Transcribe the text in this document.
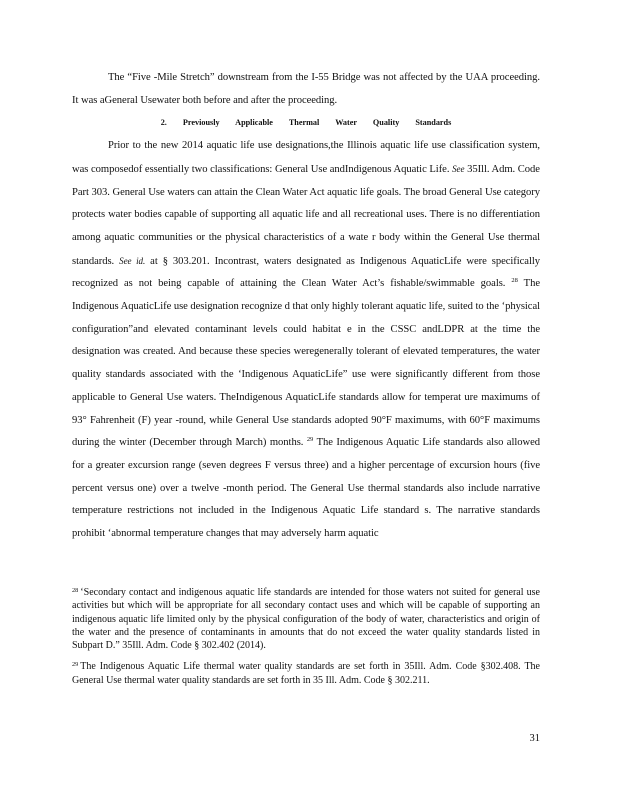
The “Five -Mile Stretch” downstream from the I-55 Bridge was not affected by the UAA proceeding. It was aGeneral Usewater both before and after the proceeding.

2. Previously Applicable Thermal Water Quality Standards

Prior to the new 2014 aquatic life use designations,the Illinois aquatic life use classification system, was composedof essentially two classifications: General Use andIndigenous Aquatic Life. See 35Ill. Adm. Code Part 303. General Use waters can attain the Clean Water Act aquatic life goals. The broad General Use category protects water bodies capable of supporting all aquatic life and all recreational uses. There is no differentiation among aquatic communities or the physical characteristics of a wate r body within the General Use thermal standards. See id. at § 303.201. Incontrast, waters designated as Indigenous AquaticLife were specifically recognized as not being capable of attaining the Clean Water Act’s fishable/swimmable goals. $^{28}$ The Indigenous AquaticLife use designation recognize d that only highly tolerant aquatic life, suited to the ‘physical configuration”and elevated contaminant levels could habitat e in the CSSC andLDPR at the time the designation was created. And because these species weregenerally tolerant of elevated temperatures, the water quality standards associated with the ‘Indigenous AquaticLife” use were significantly different from those applicable to General Use waters. TheIndigenous AquaticLife standards allow for temperat ure maximums of 93° Fahrenheit (F) year -round, while General Use standards adopted 90°F maximums, with 60°F maximums during the winter (December through March) months. $^{29}$ The Indigenous Aquatic Life standards also allowed for a greater excursion range (seven degrees F versus three) and a higher percentage of excursion hours (five percent versus one) over a twelve -month period. The General Use thermal standards also include narrative temperature restrictions not included in the Indigenous Aquatic Life standard s. The narrative standards prohibit ‘abnormal temperature changes that may adversely harm aquatic

$^{28}$ ‘Secondary contact and indigenous aquatic life standards are intended for those waters not suited for general use activities but which will be appropriate for all secondary contact uses and which will be capable of supporting an indigenous aquatic life limited only by the physical configuration of the body of water, characteristics and origin of the water and the presence of contaminants in amounts that do not exceed the water quality standards listed in Subpart D.” 35Ill. Adm. Code § 302.402 (2014).

$^{29}$ The Indigenous Aquatic Life thermal water quality standards are set forth in 35Ill. Adm. Code §302.408. The General Use thermal water quality standards are set forth in 35 Ill. Adm. Code § 302.211.

31
